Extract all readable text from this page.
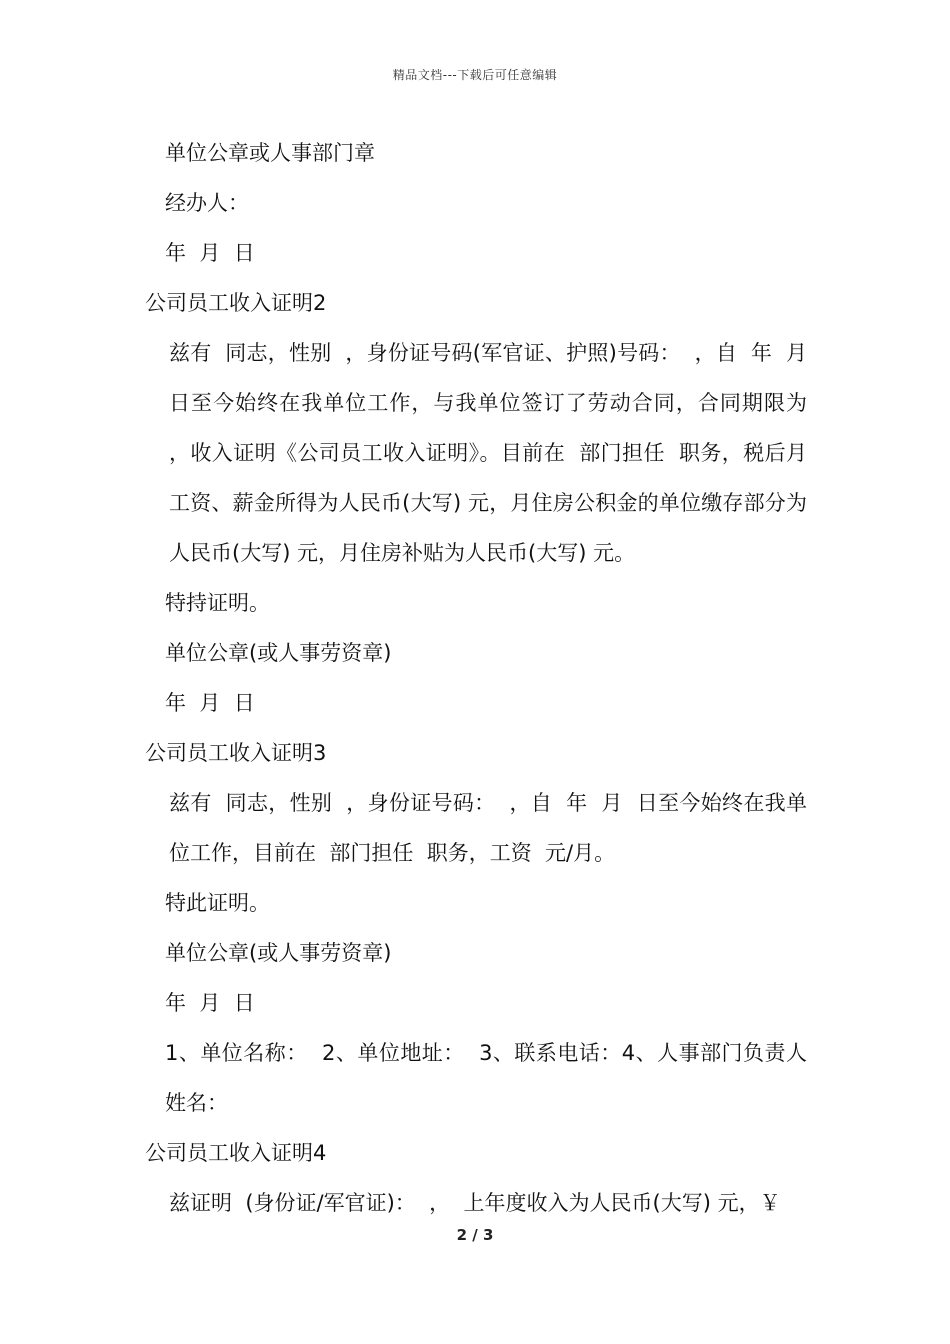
精品文档---下载后可任意编辑

单位公章或人事部门章

经办人：

年  月  日

公司员工收入证明2

兹有  同志，性别  ，身份证号码(军官证、护照)号码：  ，自  年  月  日至今始终在我单位工作，与我单位签订了劳动合同，合同期限为  ，收入证明《公司员工收入证明》。目前在  部门担任  职务，税后月工资、薪金所得为人民币(大写) 元，月住房公积金的单位缴存部分为人民币(大写) 元，月住房补贴为人民币(大写) 元。

特持证明。

单位公章(或人事劳资章)

年  月  日

公司员工收入证明3

兹有  同志，性别  ，身份证号码：  ，自  年  月  日至今始终在我单位工作，目前在  部门担任  职务，工资  元/月。

特此证明。

单位公章(或人事劳资章)

年  月  日

1、单位名称：  2、单位地址：  3、联系电话：4、人事部门负责人姓名：

公司员工收入证明4

兹证明  (身份证/军官证)：  ，  上年度收入为人民币(大写) 元，￥

2 / 3
